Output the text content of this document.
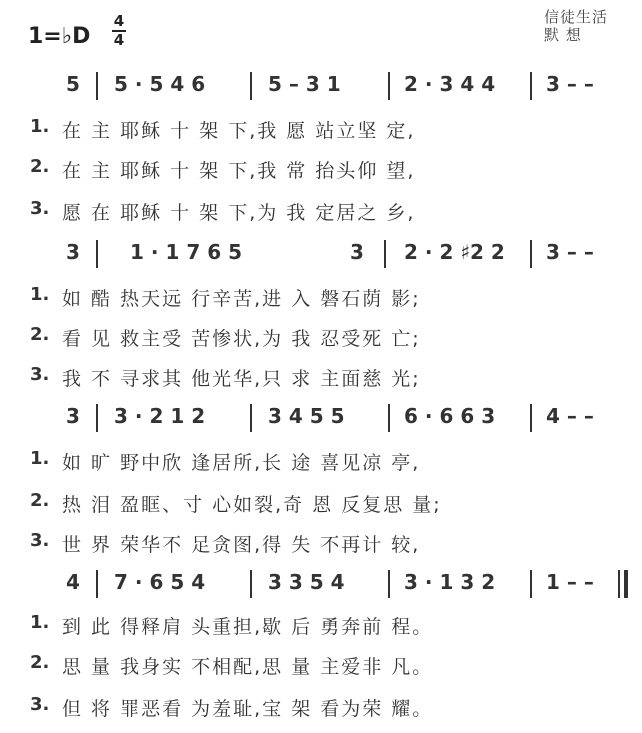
1=♭D
4
4
信徒生活
默 想
5 5 · 5 4 6	5 – 3 1	2 · 3 4 4	3 – –
1. 在 主 耶稣 十 架 下,我 愿 站立坚 定,
2. 在 主 耶稣 十 架 下,我 常 抬头仰 望,
3. 愿 在 耶稣 十 架 下,为 我 定居之 乡,
3	1 · 1 7 6 5	3 2 · 2 ♯2 2 3 – –
1. 如 酷 热天远 行辛苦,进 入 磐石荫 影;
2. 看 见 救主受 苦惨状,为 我 忍受死 亡;
3. 我 不 寻求其 他光华,只 求 主面慈 光;
3 3 · 2 1 2	3 4 5 5	6 · 6 6 3	4 – –
1. 如 旷 野中欣 逢居所,长 途 喜见凉 亭,
2. 热 泪 盈眶、寸 心如裂,奇 恩 反复思 量;
3. 世 界 荣华不 足贪图,得 失 不再计 较,
4 7 · 6 5 4	3 3 5 4	3 · 1 3 2	1 – –
1. 到 此 得释肩 头重担,歇 后 勇奔前 程。
2. 思 量 我身实 不相配,思 量 主爱非 凡。
3. 但 将 罪恶看 为羞耻,宝 架 看为荣 耀。
